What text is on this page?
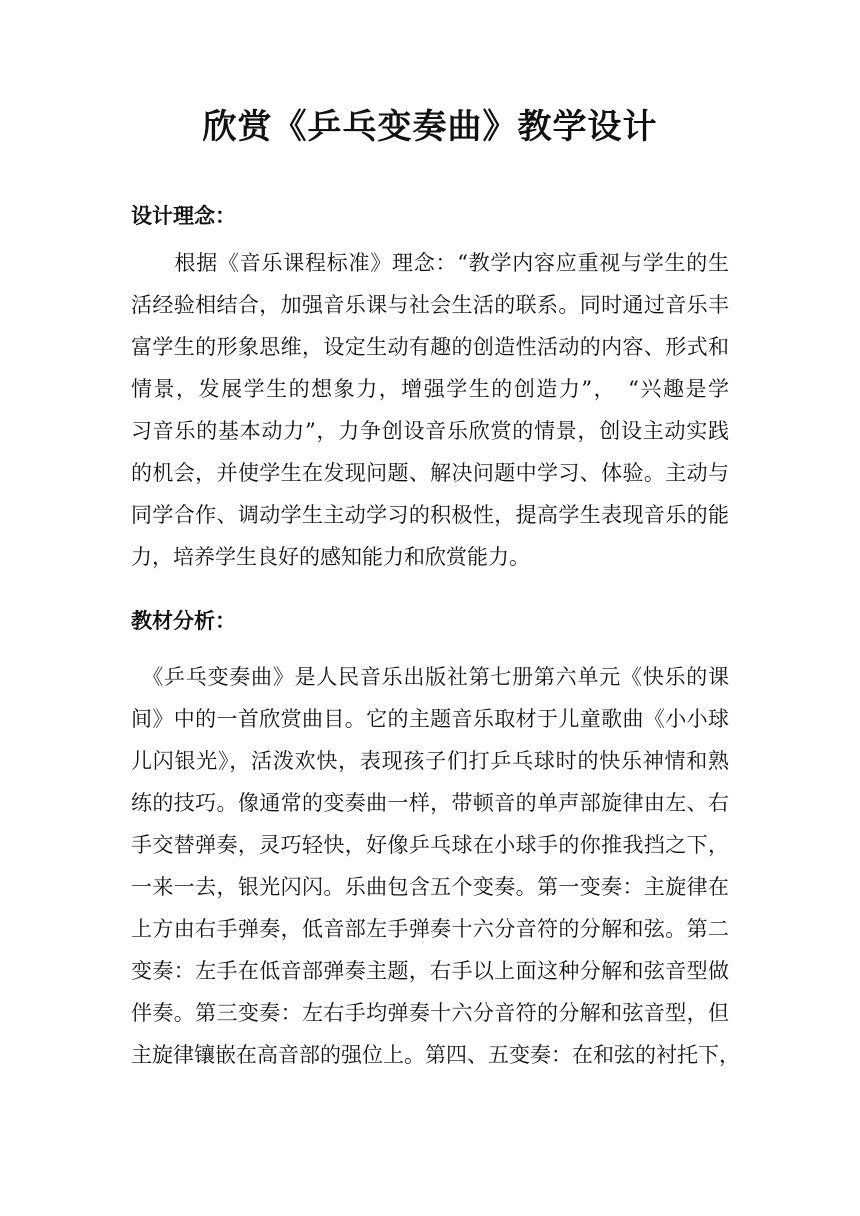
欣赏《乒乓变奏曲》教学设计
设计理念：
　　根据《音乐课程标准》理念：“教学内容应重视与学生的生
活经验相结合，加强音乐课与社会生活的联系。同时通过音乐丰
富学生的形象思维，设定生动有趣的创造性活动的内容、形式和
情景，发展学生的想象力，增强学生的创造力”，　“兴趣是学
习音乐的基本动力”，力争创设音乐欣赏的情景，创设主动实践
的机会，并使学生在发现问题、解决问题中学习、体验。主动与
同学合作、调动学生主动学习的积极性，提高学生表现音乐的能
力，培养学生良好的感知能力和欣赏能力。
教材分析：
　《乒乓变奏曲》是人民音乐出版社第七册第六单元《快乐的课
间》中的一首欣赏曲目。它的主题音乐取材于儿童歌曲《小小球
儿闪银光》，活泼欢快，表现孩子们打乒乓球时的快乐神情和熟
练的技巧。像通常的变奏曲一样，带顿音的单声部旋律由左、右
手交替弹奏，灵巧轻快，好像乒乓球在小球手的你推我挡之下，
一来一去，银光闪闪。乐曲包含五个变奏。第一变奏：主旋律在
上方由右手弹奏，低音部左手弹奏十六分音符的分解和弦。第二
变奏：左手在低音部弹奏主题，右手以上面这种分解和弦音型做
伴奏。第三变奏：左右手均弹奏十六分音符的分解和弦音型，但
主旋律镶嵌在高音部的强位上。第四、五变奏：在和弦的衬托下，
